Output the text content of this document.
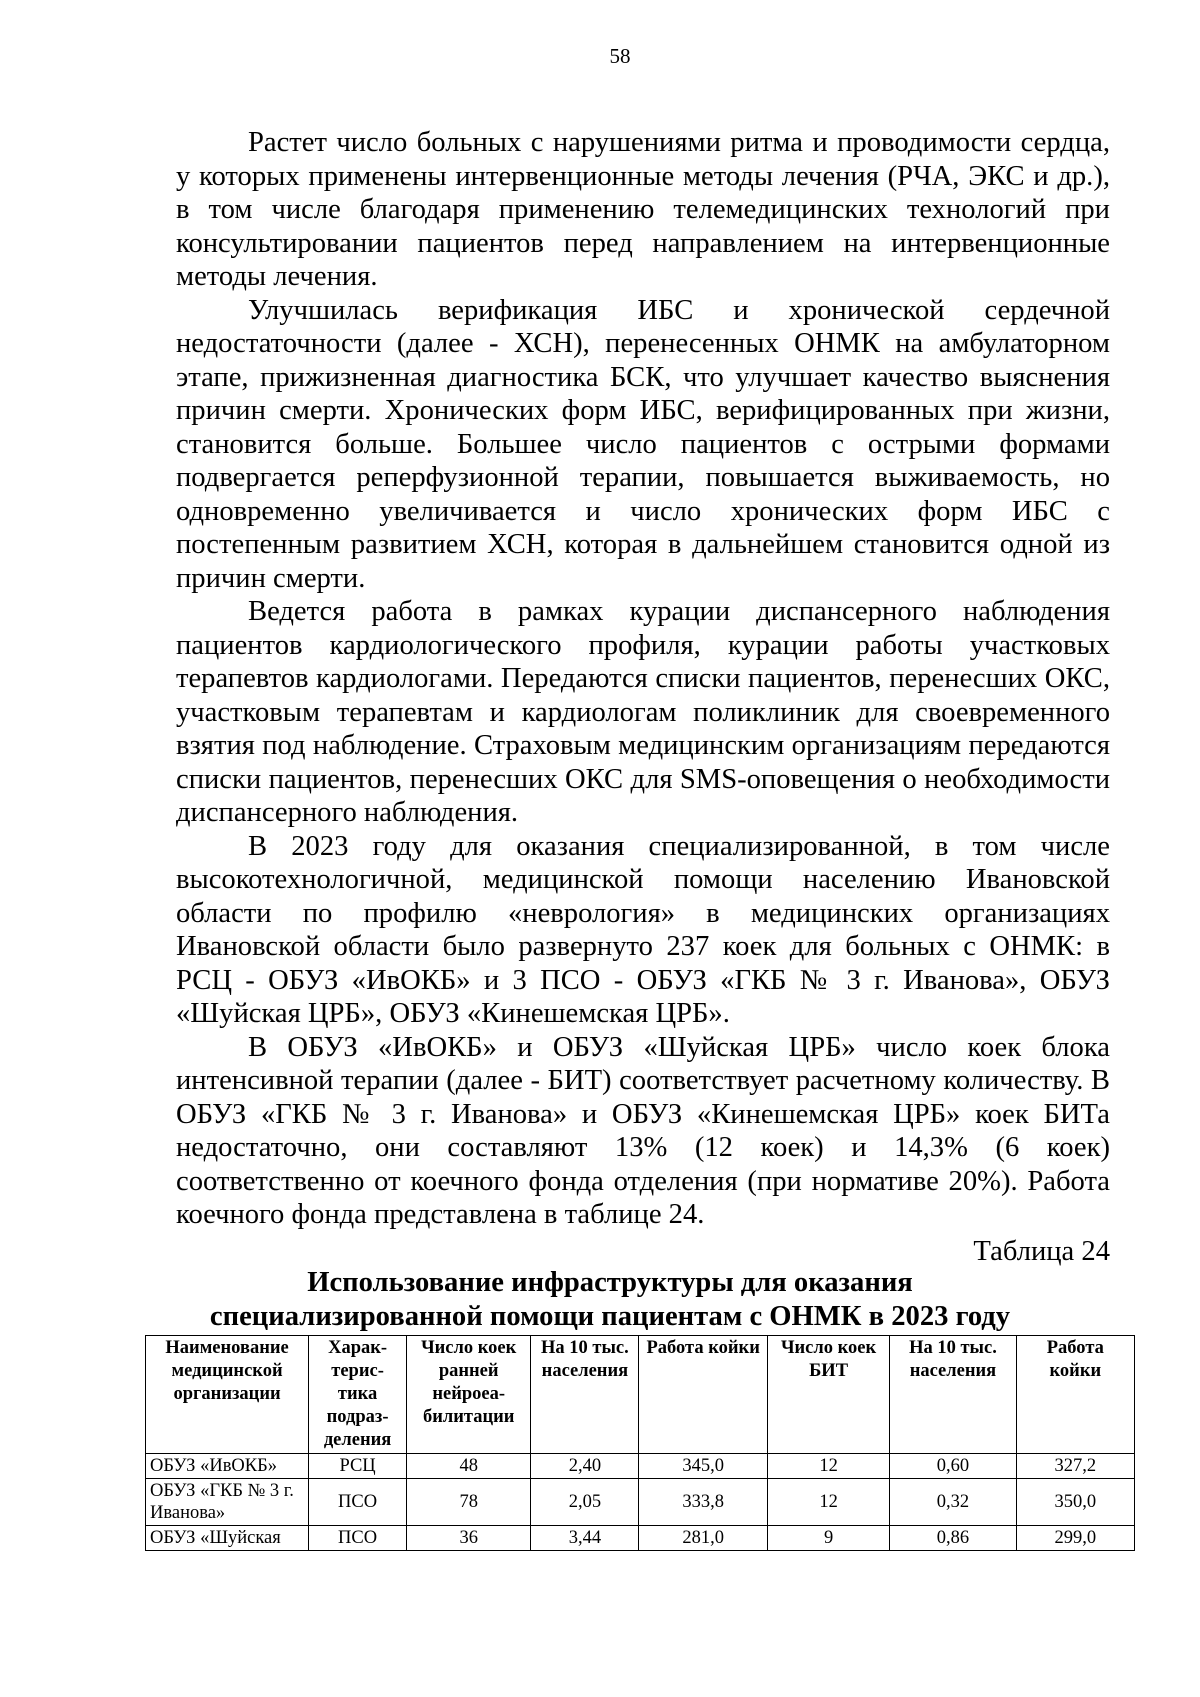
58

Растет число больных с нарушениями ритма и проводимости сердца, у которых применены интервенционные методы лечения (РЧА, ЭКС и др.), в том числе благодаря применению телемедицинских технологий при консультировании пациентов перед направлением на интервенционные методы лечения.

Улучшилась верификация ИБС и хронической сердечной недостаточности (далее - ХСН), перенесенных ОНМК на амбулаторном этапе, прижизненная диагностика БСК, что улучшает качество выяснения причин смерти. Хронических форм ИБС, верифицированных при жизни, становится больше. Большее число пациентов с острыми формами подвергается реперфузионной терапии, повышается выживаемость, но одновременно увеличивается и число хронических форм ИБС с постепенным развитием ХСН, которая в дальнейшем становится одной из причин смерти.

Ведется работа в рамках курации диспансерного наблюдения пациентов кардиологического профиля, курации работы участковых терапевтов кардиологами. Передаются списки пациентов, перенесших ОКС, участковым терапевтам и кардиологам поликлиник для своевременного взятия под наблюдение. Страховым медицинским организациям передаются списки пациентов, перенесших ОКС для SMS-оповещения о необходимости диспансерного наблюдения.

В 2023 году для оказания специализированной, в том числе высокотехнологичной, медицинской помощи населению Ивановской области по профилю «неврология» в медицинских организациях Ивановской области было развернуто 237 коек для больных с ОНМК: в РСЦ - ОБУЗ «ИвОКБ» и 3 ПСО - ОБУЗ «ГКБ № 3 г. Иванова», ОБУЗ «Шуйская ЦРБ», ОБУЗ «Кинешемская ЦРБ».

В ОБУЗ «ИвОКБ» и ОБУЗ «Шуйская ЦРБ» число коек блока интенсивной терапии (далее - БИТ) соответствует расчетному количеству. В ОБУЗ «ГКБ № 3 г. Иванова» и ОБУЗ «Кинешемская ЦРБ» коек БИТа недостаточно, они составляют 13% (12 коек) и 14,3% (6 коек) соответственно от коечного фонда отделения (при нормативе 20%). Работа коечного фонда представлена в таблице 24.

Таблица 24
Использование инфраструктуры для оказания
специализированной помощи пациентам с ОНМК в 2023 году
Наименование медицинской организации	Харак-терис-тика подраз-деления	Число коек ранней нейроеа-билитации	На 10 тыс. населения	Работа койки	Число коек БИТ	На 10 тыс. населения	Работа койки
ОБУЗ «ИвОКБ»	РСЦ	48	2,40	345,0	12	0,60	327,2
ОБУЗ «ГКБ № 3 г. Иванова»	ПСО	78	2,05	333,8	12	0,32	350,0
ОБУЗ «Шуйская	ПСО	36	3,44	281,0	9	0,86	299,0
